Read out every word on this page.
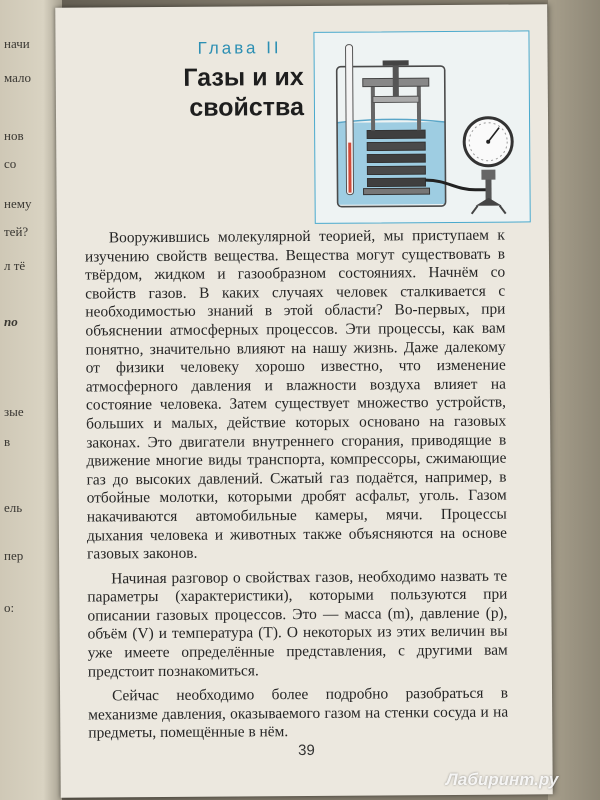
начи
мало
нов
со
нему
тей?
л тё
по
зые
в
ель
пер
о:
Глава II
Газы и их свойства

Вооружившись молекулярной теорией, мы приступаем к изучению свойств вещества. Вещества могут существовать в твёрдом, жидком и газообразном состояниях. Начнём со свойств газов. В каких случаях человек сталкивается с необходимостью знаний в этой области? Во-первых, при объяснении атмосферных процессов. Эти процессы, как вам понятно, значительно влияют на нашу жизнь. Даже далекому от физики человеку хорошо известно, что изменение атмосферного давления и влажности воздуха влияет на состояние человека. Затем существует множество устройств, больших и малых, действие которых основано на газовых законах. Это двигатели внутреннего сгорания, приводящие в движение многие виды транспорта, компрессоры, сжимающие газ до высоких давлений. Сжатый газ подаётся, например, в отбойные молотки, которыми дробят асфальт, уголь. Газом накачиваются автомобильные камеры, мячи. Процессы дыхания человека и животных также объясняются на основе газовых законов.

Начиная разговор о свойствах газов, необходимо назвать те параметры (характеристики), которыми пользуются при описании газовых процессов. Это — масса (m), давление (p), объём (V) и температура (T). О некоторых из этих величин вы уже имеете определённые представления, с другими вам предстоит познакомиться.

Сейчас необходимо более подробно разобраться в механизме давления, оказываемого газом на стенки сосуда и на предметы, помещённые в нём.

39
Лабиринт.ру
